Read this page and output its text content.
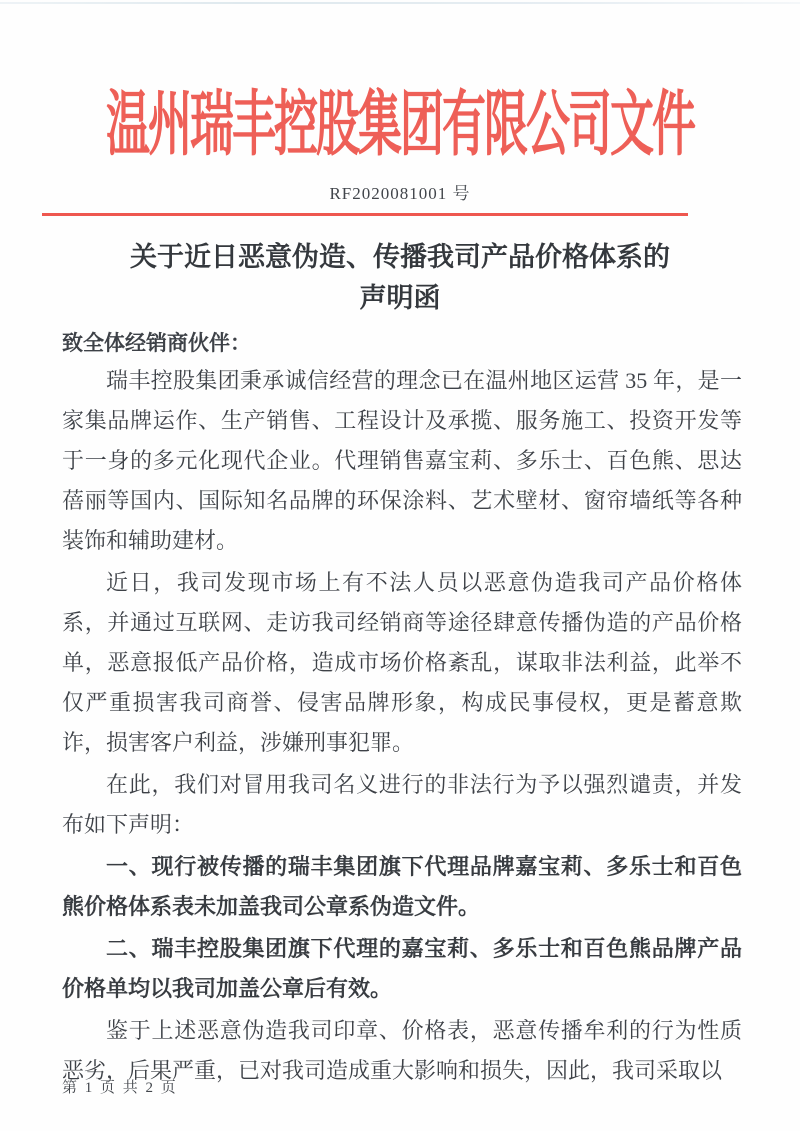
温州瑞丰控股集团有限公司文件
RF2020081001 号
关于近日恶意伪造、传播我司产品价格体系的
声明函
致全体经销商伙伴：

瑞丰控股集团秉承诚信经营的理念已在温州地区运营 35 年，是一家集品牌运作、生产销售、工程设计及承揽、服务施工、投资开发等于一身的多元化现代企业。代理销售嘉宝莉、多乐士、百色熊、思达蓓丽等国内、国际知名品牌的环保涂料、艺术壁材、窗帘墙纸等各种装饰和辅助建材。

近日，我司发现市场上有不法人员以恶意伪造我司产品价格体系，并通过互联网、走访我司经销商等途径肆意传播伪造的产品价格单，恶意报低产品价格，造成市场价格紊乱，谋取非法利益，此举不仅严重损害我司商誉、侵害品牌形象，构成民事侵权，更是蓄意欺诈，损害客户利益，涉嫌刑事犯罪。

在此，我们对冒用我司名义进行的非法行为予以强烈谴责，并发布如下声明：

一、现行被传播的瑞丰集团旗下代理品牌嘉宝莉、多乐士和百色熊价格体系表未加盖我司公章系伪造文件。

二、瑞丰控股集团旗下代理的嘉宝莉、多乐士和百色熊品牌产品价格单均以我司加盖公章后有效。

鉴于上述恶意伪造我司印章、价格表，恶意传播牟利的行为性质恶劣，后果严重，已对我司造成重大影响和损失，因此，我司采取以

第 1 页 共 2 页
